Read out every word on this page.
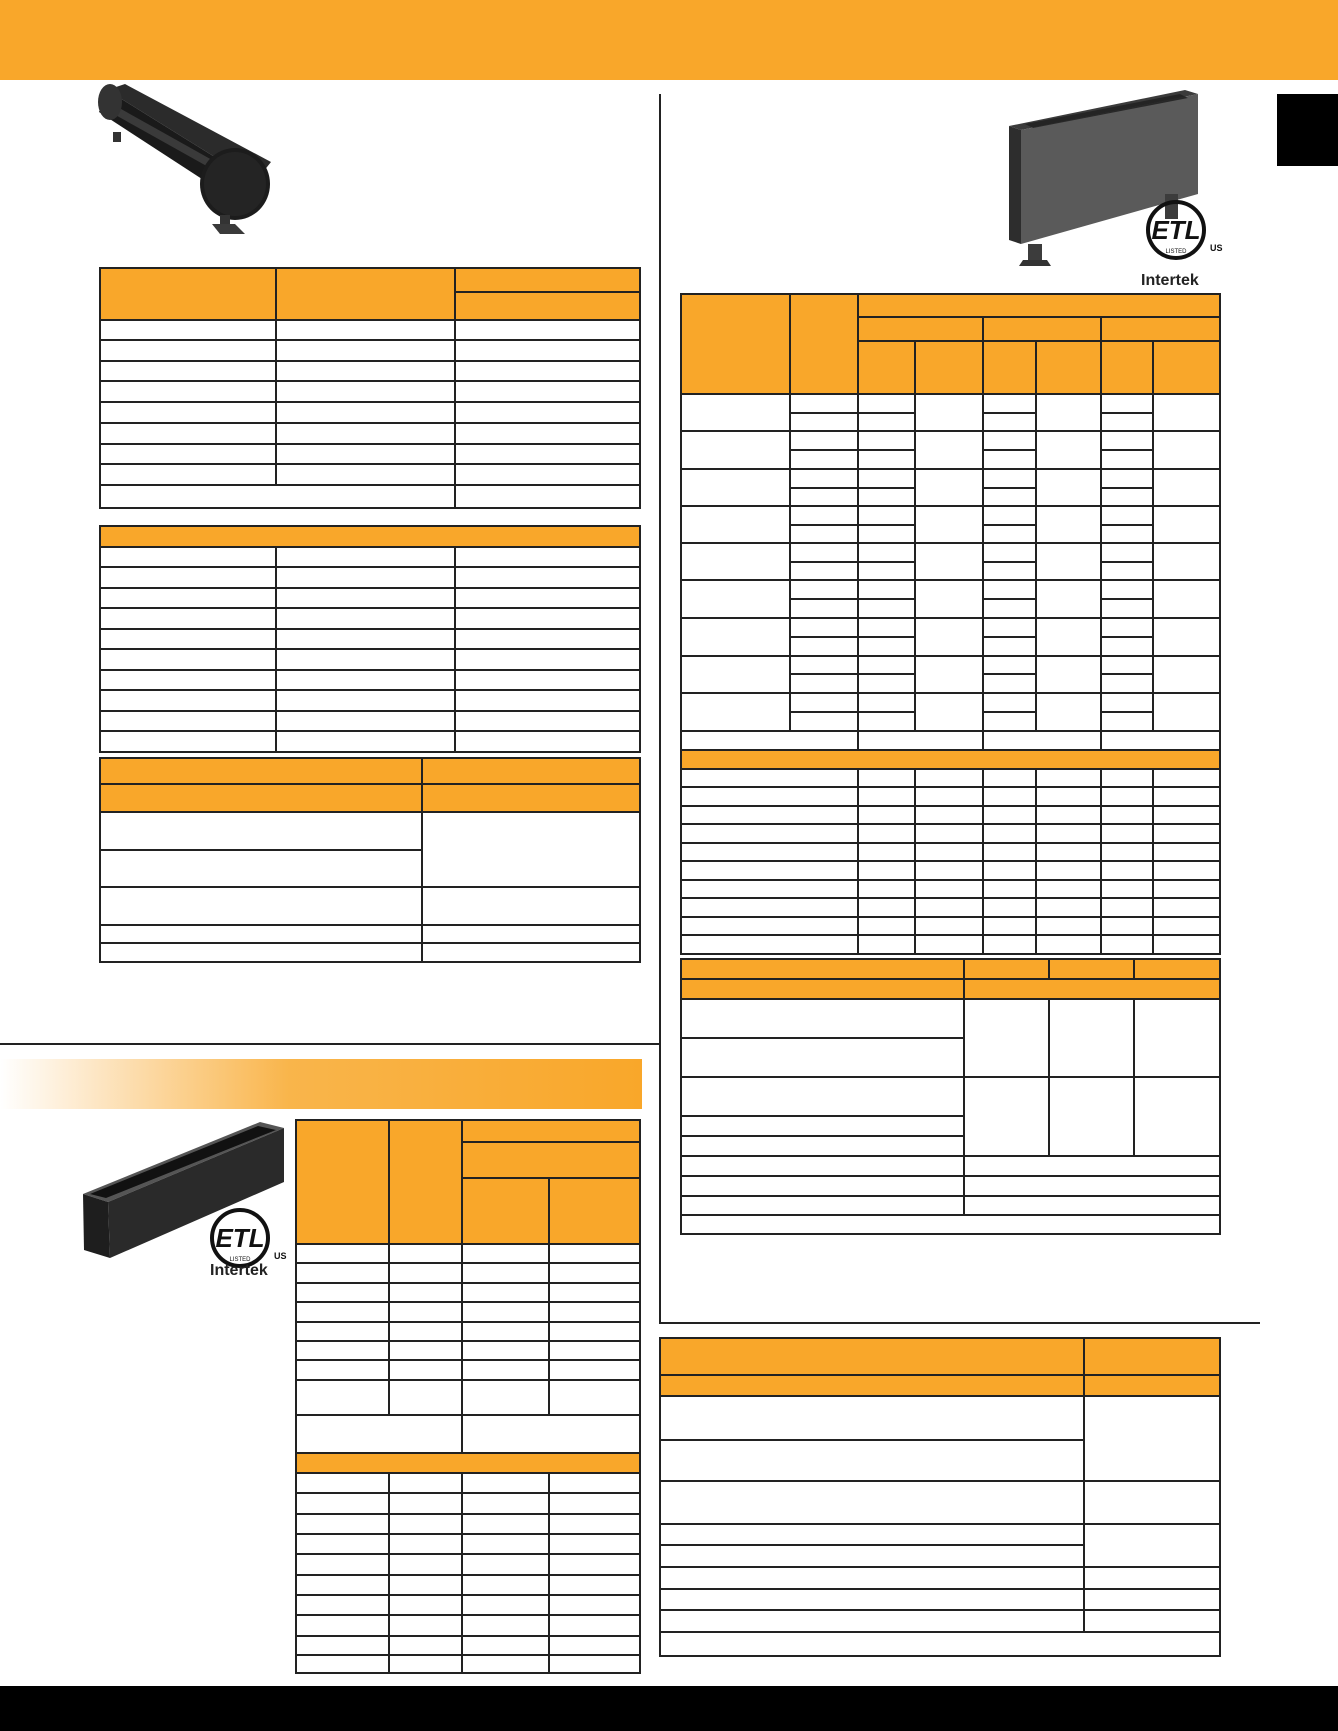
ETL
LISTED	US
Intertek
ETL
LISTED	US
Intertek
